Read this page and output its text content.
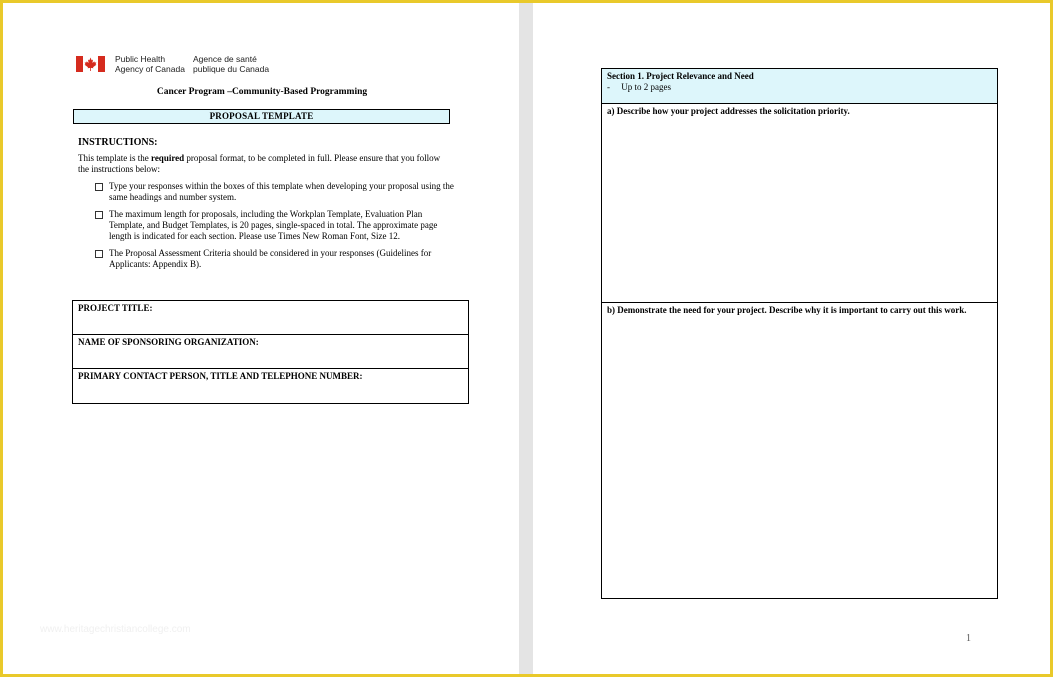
Public Health
Agency of Canada
Agence de santé
publique du Canada
Cancer Program –Community-Based Programming
PROPOSAL TEMPLATE
INSTRUCTIONS:
This template is the required proposal format, to be completed in full. Please ensure that you follow the instructions below:
Type your responses within the boxes of this template when developing your proposal using the same headings and number system.
The maximum length for proposals, including the Workplan Template, Evaluation Plan Template, and Budget Templates, is 20 pages, single-spaced in total. The approximate page length is indicated for each section. Please use Times New Roman Font, Size 12.
The Proposal Assessment Criteria should be considered in your responses (Guidelines for Applicants: Appendix B).
PROJECT TITLE:
NAME OF SPONSORING ORGANIZATION:
PRIMARY CONTACT PERSON, TITLE AND TELEPHONE NUMBER:
www.heritagechristiancollege.com
Section 1. Project Relevance and Need
-     Up to 2 pages
a) Describe how your project addresses the solicitation priority.
b) Demonstrate the need for your project. Describe why it is important to carry out this work.
1
